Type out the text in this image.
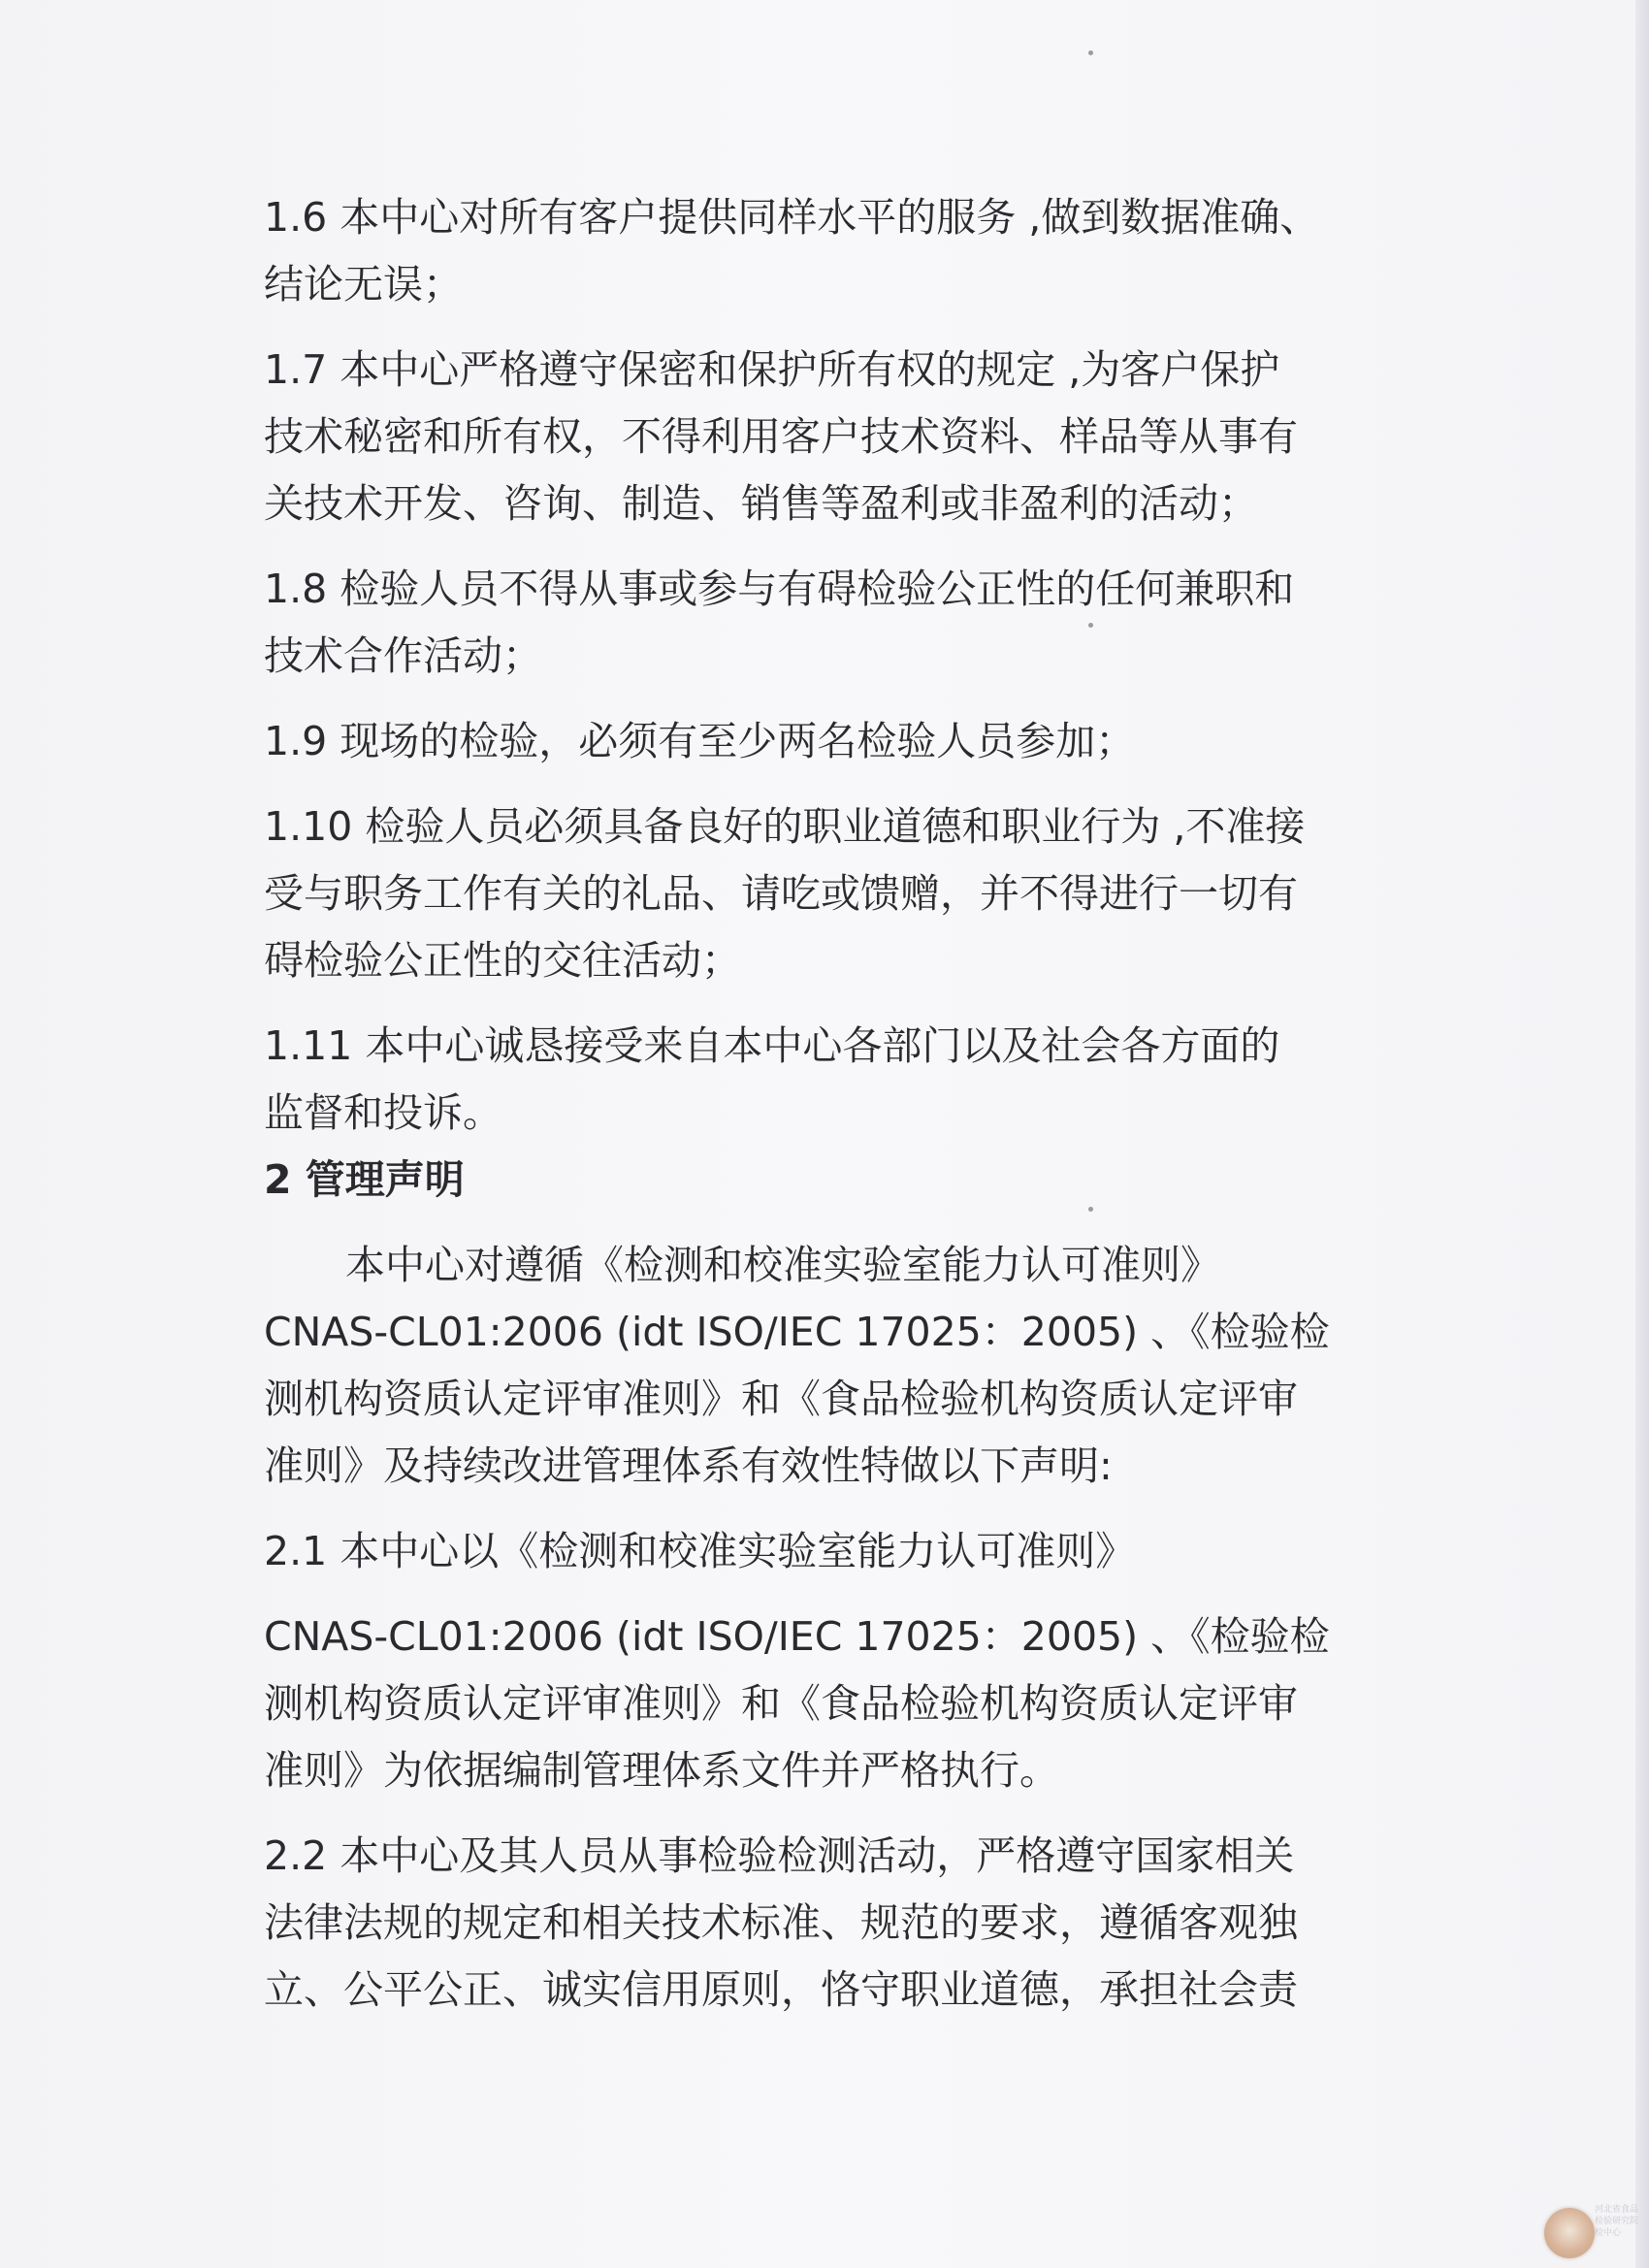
1.6 本中心对所有客户提供同样水平的服务 ,做到数据准确、
结论无误；

1.7 本中心严格遵守保密和保护所有权的规定 ,为客户保护
技术秘密和所有权，不得利用客户技术资料、样品等从事有
关技术开发、咨询、制造、销售等盈利或非盈利的活动；

1.8 检验人员不得从事或参与有碍检验公正性的任何兼职和
技术合作活动；

1.9 现场的检验，必须有至少两名检验人员参加；

1.10 检验人员必须具备良好的职业道德和职业行为 ,不准接
受与职务工作有关的礼品、请吃或馈赠，并不得进行一切有
碍检验公正性的交往活动；

1.11 本中心诚恳接受来自本中心各部门以及社会各方面的
监督和投诉。

2 管理声明

本中心对遵循《检测和校准实验室能力认可准则》
CNAS-CL01:2006 (idt ISO/IEC 17025：2005) 、《检验检
测机构资质认定评审准则》和《食品检验机构资质认定评审
准则》及持续改进管理体系有效性特做以下声明:

2.1 本中心以《检测和校准实验室能力认可准则》

CNAS-CL01:2006 (idt ISO/IEC 17025：2005) 、《检验检
测机构资质认定评审准则》和《食品检验机构资质认定评审
准则》为依据编制管理体系文件并严格执行。

2.2 本中心及其人员从事检验检测活动，严格遵守国家相关
法律法规的规定和相关技术标准、规范的要求，遵循客观独
立、公平公正、诚实信用原则，恪守职业道德，承担社会责

河北省食品检验研究院检中心
